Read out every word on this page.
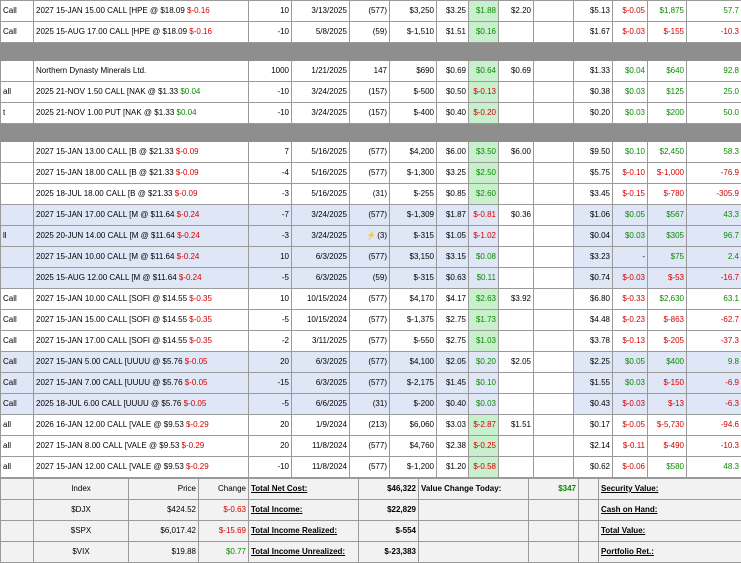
Call	2027 15-JAN 15.00 CALL [HPE @ $18.09 $-0.16	10	3/13/2025	(577)	$3,250	$3.25	$1.88	$2.20		$5.13	$-0.05	$1,875	57.7
Call	2025 15-AUG 17.00 CALL [HPE @ $18.09 $-0.16	-10	5/8/2025	(59)	$-1,510	$1.51	$0.16			$1.67	$-0.03	$-155	-10.3

	Northern Dynasty Minerals Ltd.	1000	1/21/2025	147	$690	$0.69	$0.64	$0.69		$1.33	$0.04	$640	92.8
all	2025 21-NOV 1.50 CALL [NAK @ $1.33 $0.04	-10	3/24/2025	(157)	$-500	$0.50	$-0.13			$0.38	$0.03	$125	25.0
t	2025 21-NOV 1.00 PUT [NAK @ $1.33 $0.04	-10	3/24/2025	(157)	$-400	$0.40	$-0.20			$0.20	$0.03	$200	50.0

	2027 15-JAN 13.00 CALL [B @ $21.33 $-0.09	7	5/16/2025	(577)	$4,200	$6.00	$3.50	$6.00		$9.50	$0.10	$2,450	58.3
	2027 15-JAN 18.00 CALL [B @ $21.33 $-0.09	-4	5/16/2025	(577)	$-1,300	$3.25	$2.50			$5.75	$-0.10	$-1,000	-76.9
	2025 18-JUL 18.00 CALL [B @ $21.33 $-0.09	-3	5/16/2025	(31)	$-255	$0.85	$2.60			$3.45	$-0.15	$-780	-305.9
	2027 15-JAN 17.00 CALL [M @ $11.64 $-0.24	-7	3/24/2025	(577)	$-1,309	$1.87	$-0.81	$0.36		$1.06	$0.05	$567	43.3
ll	2025 20-JUN 14.00 CALL [M @ $11.64 $-0.24	-3	3/24/2025	⚡(3)	$-315	$1.05	$-1.02			$0.04	$0.03	$305	96.7
	2027 15-JAN 10.00 CALL [M @ $11.64 $-0.24	10	6/3/2025	(577)	$3,150	$3.15	$0.08			$3.23	-	$75	2.4
	2025 15-AUG 12.00 CALL [M @ $11.64 $-0.24	-5	6/3/2025	(59)	$-315	$0.63	$0.11			$0.74	$-0.03	$-53	-16.7
Call	2027 15-JAN 10.00 CALL [SOFI @ $14.55 $-0.35	10	10/15/2024	(577)	$4,170	$4.17	$2.63	$3.92		$6.80	$-0.33	$2,630	63.1
Call	2027 15-JAN 15.00 CALL [SOFI @ $14.55 $-0.35	-5	10/15/2024	(577)	$-1,375	$2.75	$1.73			$4.48	$-0.23	$-863	-62.7
Call	2027 15-JAN 17.00 CALL [SOFI @ $14.55 $-0.35	-2	3/11/2025	(577)	$-550	$2.75	$1.03			$3.78	$-0.13	$-205	-37.3
Call	2027 15-JAN 5.00 CALL [UUUU @ $5.76 $-0.05	20	6/3/2025	(577)	$4,100	$2.05	$0.20	$2.05		$2.25	$0.05	$400	9.8
Call	2027 15-JAN 7.00 CALL [UUUU @ $5.76 $-0.05	-15	6/3/2025	(577)	$-2,175	$1.45	$0.10			$1.55	$0.03	$-150	-6.9
Call	2025 18-JUL 6.00 CALL [UUUU @ $5.76 $-0.05	-5	6/6/2025	(31)	$-200	$0.40	$0.03			$0.43	$-0.03	$-13	-6.3
all	2026 16-JAN 12.00 CALL [VALE @ $9.53 $-0.29	20	1/9/2024	(213)	$6,060	$3.03	$-2.87	$1.51		$0.17	$-0.05	$-5,730	-94.6
all	2027 15-JAN 8.00 CALL [VALE @ $9.53 $-0.29	20	11/8/2024	(577)	$4,760	$2.38	$-0.25			$2.14	$-0.11	$-490	-10.3
all	2027 15-JAN 12.00 CALL [VALE @ $9.53 $-0.29	-10	11/8/2024	(577)	$-1,200	$1.20	$-0.58			$0.62	$-0.06	$580	48.3
	Index	Price	Change	Total Net Cost:	$46,322	Value Change Today:	$347		Security Value:
	$DJX	$424.52	$-0.63	Total Income:	$22,829				Cash on Hand:
	$SPX	$6,017.42	$-15.69	Total Income Realized:	$-554				Total Value:
	$VIX	$19.88	$0.77	Total Income Unrealized:	$-23,383				Portfolio Ret.:
